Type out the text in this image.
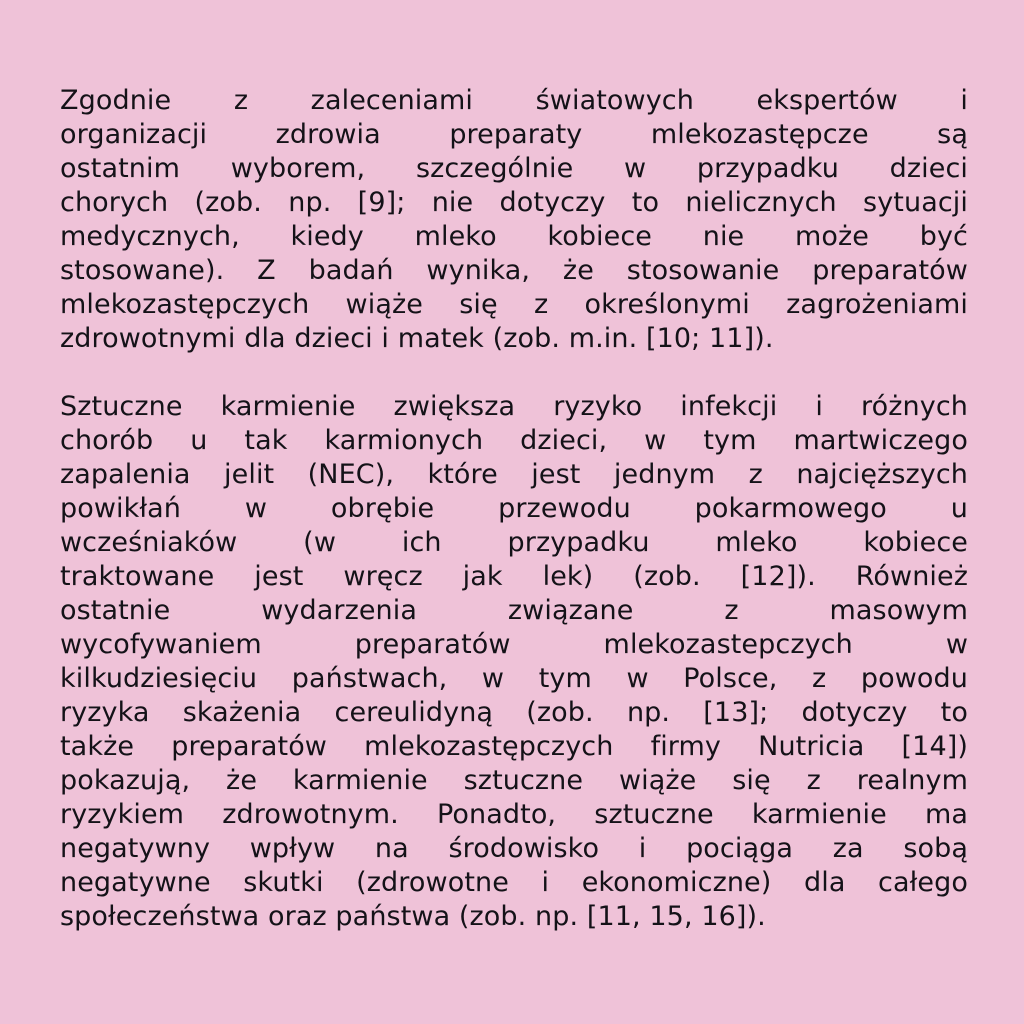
Zgodnie z zaleceniami światowych ekspertów i
organizacji zdrowia preparaty mlekozastępcze są
ostatnim wyborem, szczególnie w przypadku dzieci
chorych (zob. np. [9]; nie dotyczy to nielicznych sytuacji
medycznych, kiedy mleko kobiece nie może być
stosowane). Z badań wynika, że stosowanie preparatów
mlekozastępczych wiąże się z określonymi zagrożeniami
zdrowotnymi dla dzieci i matek (zob. m.in. [10; 11]).
Sztuczne karmienie zwiększa ryzyko infekcji i różnych
chorób u tak karmionych dzieci, w tym martwiczego
zapalenia jelit (NEC), które jest jednym z najcięższych
powikłań w obrębie przewodu pokarmowego u
wcześniaków (w ich przypadku mleko kobiece
traktowane jest wręcz jak lek) (zob. [12]). Również
ostatnie wydarzenia związane z masowym
wycofywaniem preparatów mlekozastepczych w
kilkudziesięciu państwach, w tym w Polsce, z powodu
ryzyka skażenia cereulidyną (zob. np. [13]; dotyczy to
także preparatów mlekozastępczych firmy Nutricia [14])
pokazują, że karmienie sztuczne wiąże się z realnym
ryzykiem zdrowotnym. Ponadto, sztuczne karmienie ma
negatywny wpływ na środowisko i pociąga za sobą
negatywne skutki (zdrowotne i ekonomiczne) dla całego
społeczeństwa oraz państwa (zob. np. [11, 15, 16]).
